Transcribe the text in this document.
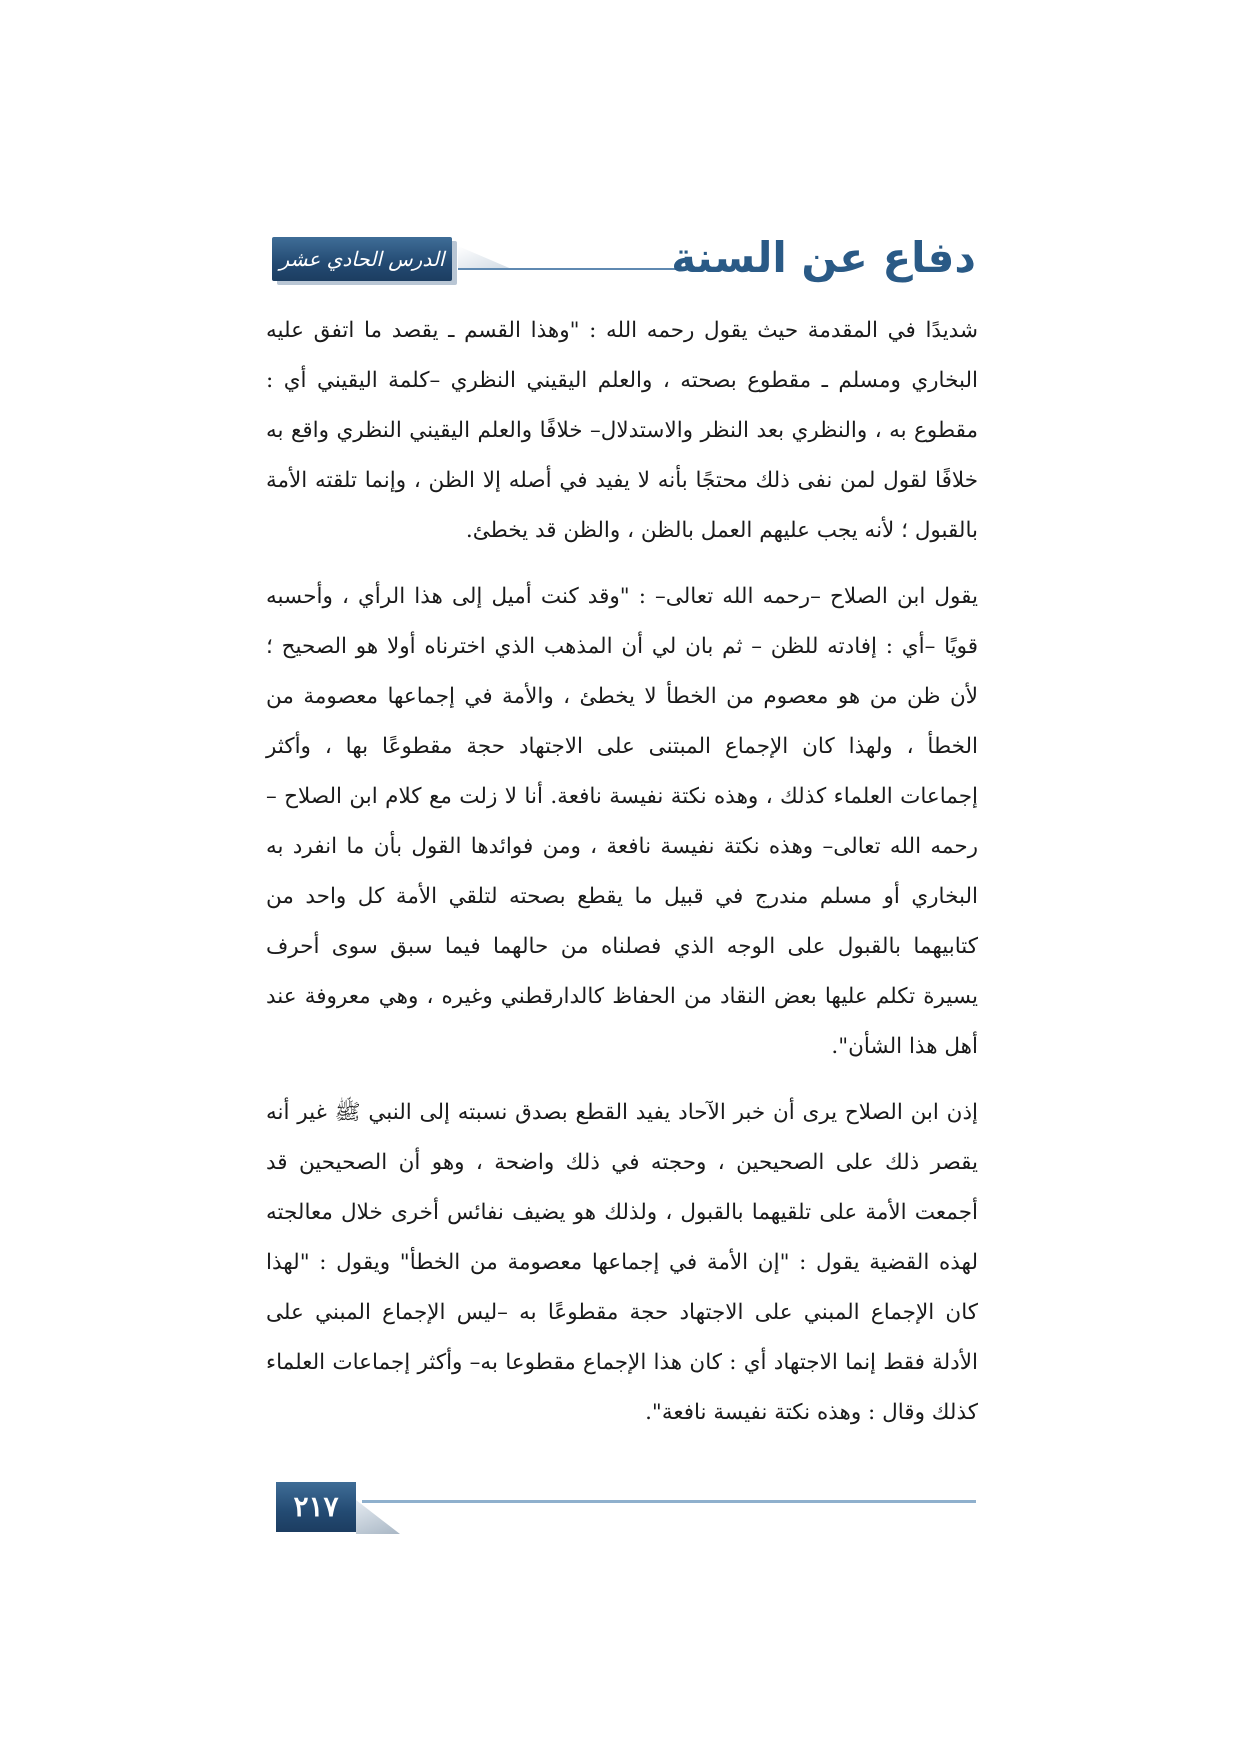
الدرس الحادي عشر	دفاع عن السنة

شديدًا في المقدمة حيث يقول رحمه الله : "وهذا القسم ـ يقصد ما اتفق عليه البخاري ومسلم ـ مقطوع بصحته ، والعلم اليقيني النظري –كلمة اليقيني أي : مقطوع به ، والنظري بعد النظر والاستدلال– خلافًا والعلم اليقيني النظري واقع به خلافًا لقول لمن نفى ذلك محتجًا بأنه لا يفيد في أصله إلا الظن ، وإنما تلقته الأمة بالقبول ؛ لأنه يجب عليهم العمل بالظن ، والظن قد يخطئ.

يقول ابن الصلاح –رحمه الله تعالى– : "وقد كنت أميل إلى هذا الرأي ، وأحسبه قويًا –أي : إفادته للظن – ثم بان لي أن المذهب الذي اخترناه أولا هو الصحيح ؛ لأن ظن من هو معصوم من الخطأ لا يخطئ ، والأمة في إجماعها معصومة من الخطأ ، ولهذا كان الإجماع المبتنى على الاجتهاد حجة مقطوعًا بها ، وأكثر إجماعات العلماء كذلك ، وهذه نكتة نفيسة نافعة. أنا لا زلت مع كلام ابن الصلاح –رحمه الله تعالى– وهذه نكتة نفيسة نافعة ، ومن فوائدها القول بأن ما انفرد به البخاري أو مسلم مندرج في قبيل ما يقطع بصحته لتلقي الأمة كل واحد من كتابيهما بالقبول على الوجه الذي فصلناه من حالهما فيما سبق سوى أحرف يسيرة تكلم عليها بعض النقاد من الحفاظ كالدارقطني وغيره ، وهي معروفة عند أهل هذا الشأن".

إذن ابن الصلاح يرى أن خبر الآحاد يفيد القطع بصدق نسبته إلى النبي ﷺ غير أنه يقصر ذلك على الصحيحين ، وحجته في ذلك واضحة ، وهو أن الصحيحين قد أجمعت الأمة على تلقيهما بالقبول ، ولذلك هو يضيف نفائس أخرى خلال معالجته لهذه القضية يقول : "إن الأمة في إجماعها معصومة من الخطأ" ويقول : "لهذا كان الإجماع المبني على الاجتهاد حجة مقطوعًا به –ليس الإجماع المبني على الأدلة فقط إنما الاجتهاد أي : كان هذا الإجماع مقطوعا به– وأكثر إجماعات العلماء كذلك وقال : وهذه نكتة نفيسة نافعة".

٢١٧
